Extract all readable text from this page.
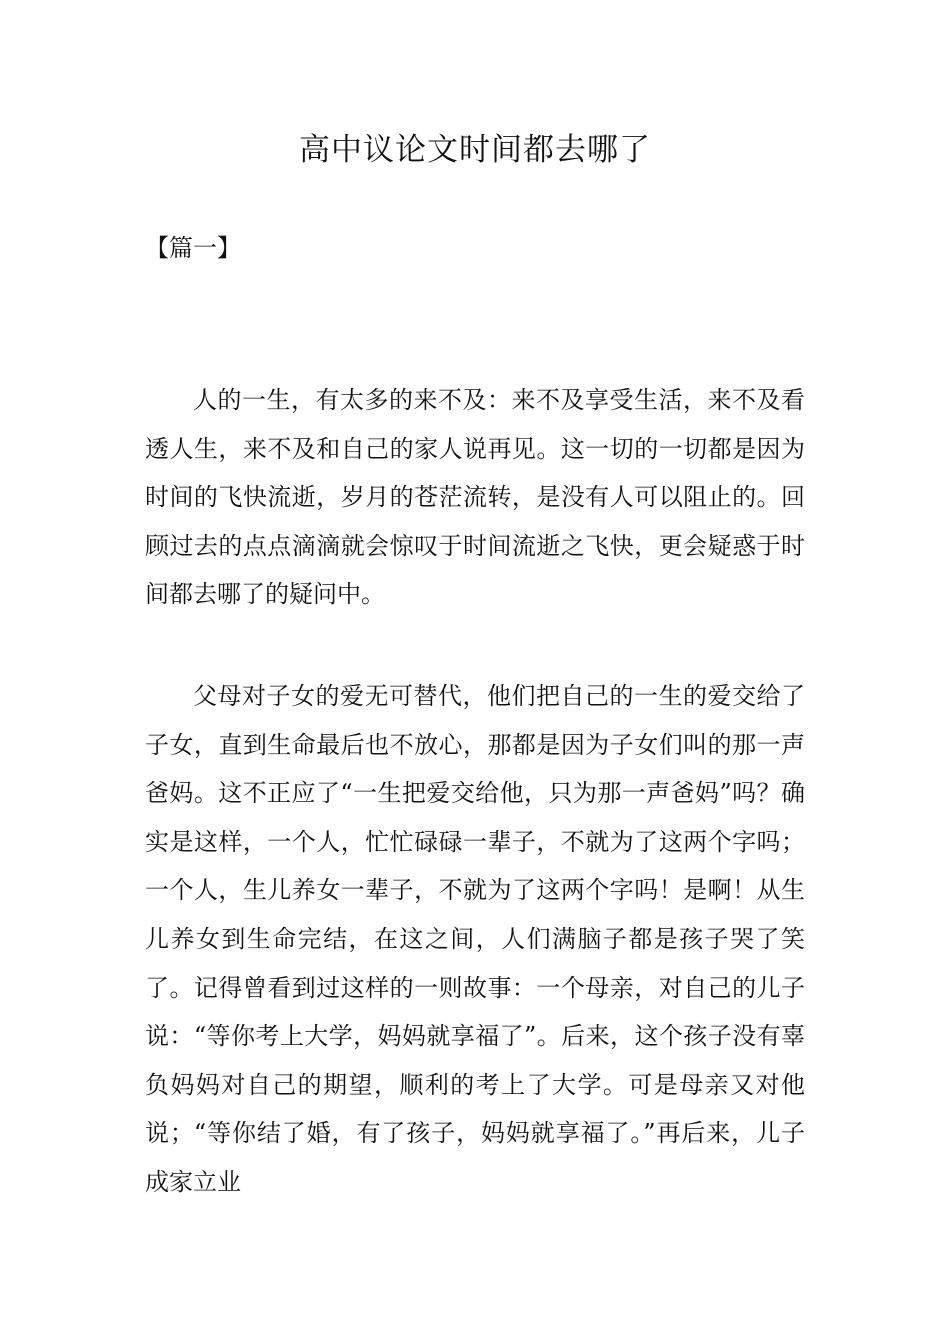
高中议论文时间都去哪了

【篇一】

人的一生，有太多的来不及：来不及享受生活，来不及看透人生，来不及和自己的家人说再见。这一切的一切都是因为时间的飞快流逝，岁月的苍茫流转，是没有人可以阻止的。回顾过去的点点滴滴就会惊叹于时间流逝之飞快，更会疑惑于时间都去哪了的疑问中。

父母对子女的爱无可替代，他们把自己的一生的爱交给了子女，直到生命最后也不放心，那都是因为子女们叫的那一声爸妈。这不正应了“一生把爱交给他，只为那一声爸妈”吗？确实是这样，一个人，忙忙碌碌一辈子，不就为了这两个字吗；一个人，生儿养女一辈子，不就为了这两个字吗！是啊！从生儿养女到生命完结，在这之间，人们满脑子都是孩子哭了笑了。记得曾看到过这样的一则故事：一个母亲，对自己的儿子说：“等你考上大学，妈妈就享福了”。后来，这个孩子没有辜负妈妈对自己的期望，顺利的考上了大学。可是母亲又对他说；“等你结了婚，有了孩子，妈妈就享福了。”再后来，儿子成家立业
